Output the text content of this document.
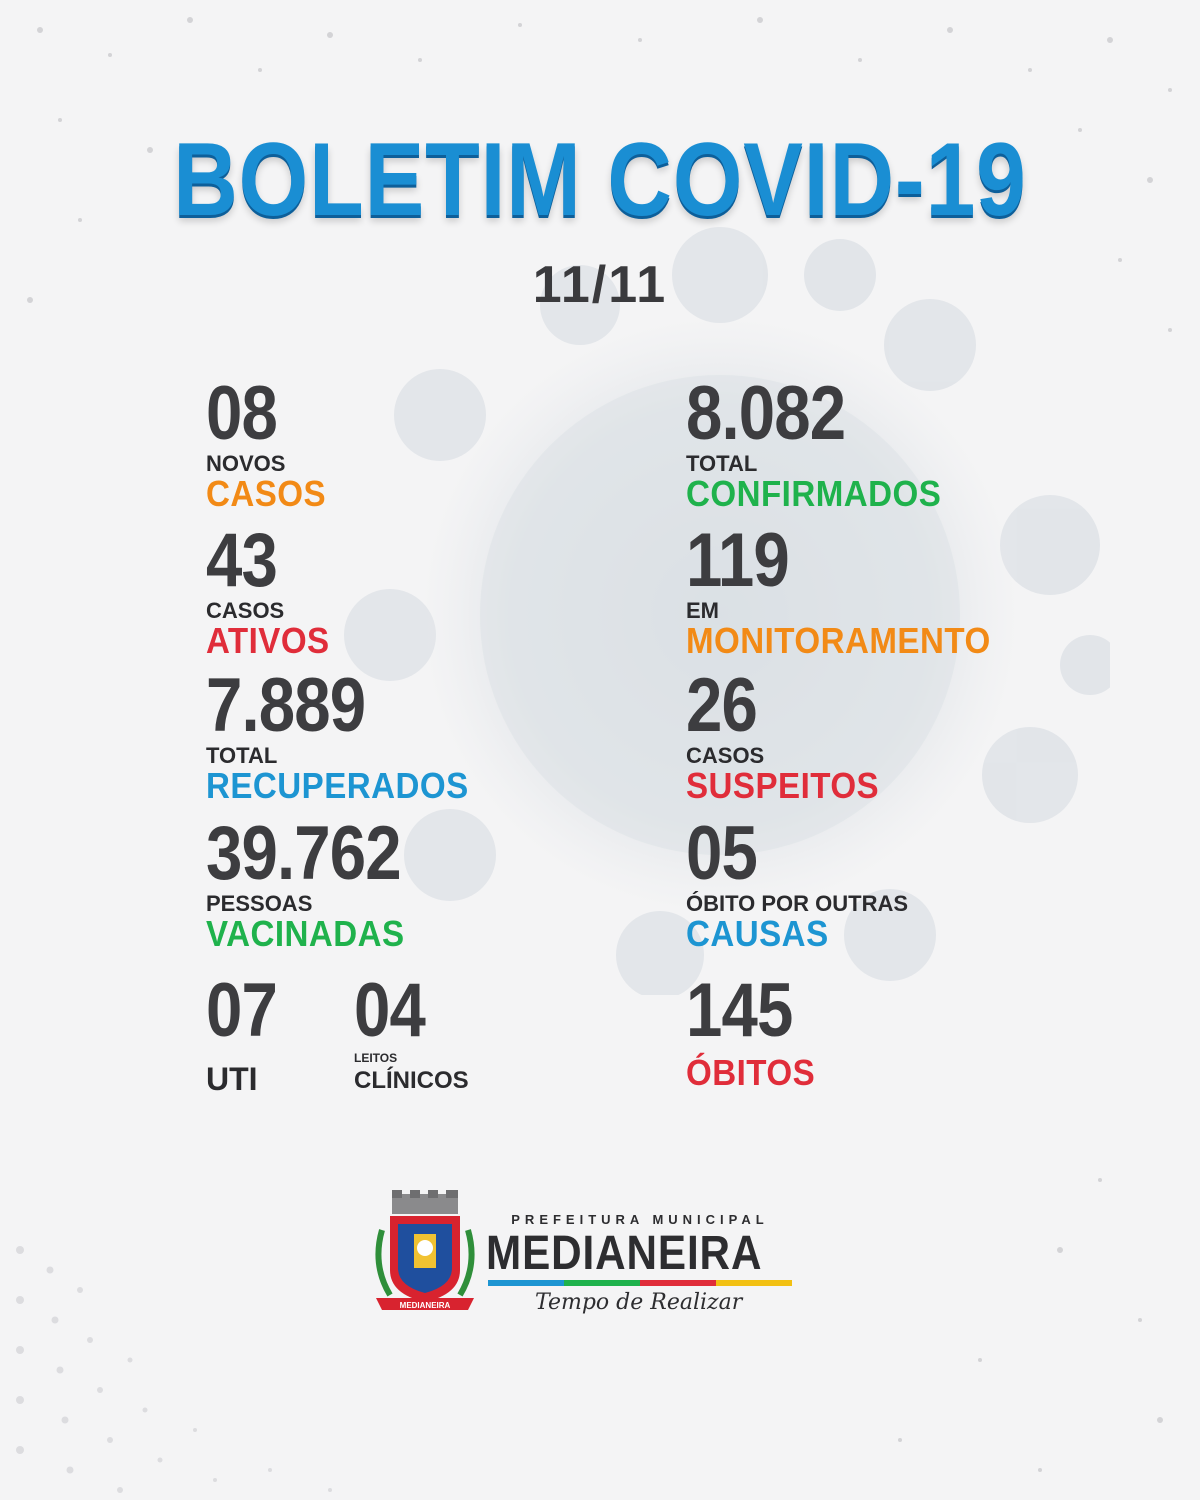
BOLETIM COVID-19
11/11
08
NOVOS
CASOS
43
CASOS
ATIVOS
7.889
TOTAL
RECUPERADOS
39.762
PESSOAS
VACINADAS
07
UTI
04
LEITOS
CLÍNICOS
8.082
TOTAL
CONFIRMADOS
119
EM
MONITORAMENTO
26
CASOS
SUSPEITOS
05
ÓBITO POR OUTRAS
CAUSAS
145
ÓBITOS
MEDIANEIRA
PREFEITURA MUNICIPAL
MEDIANEIRA
Tempo de Realizar
